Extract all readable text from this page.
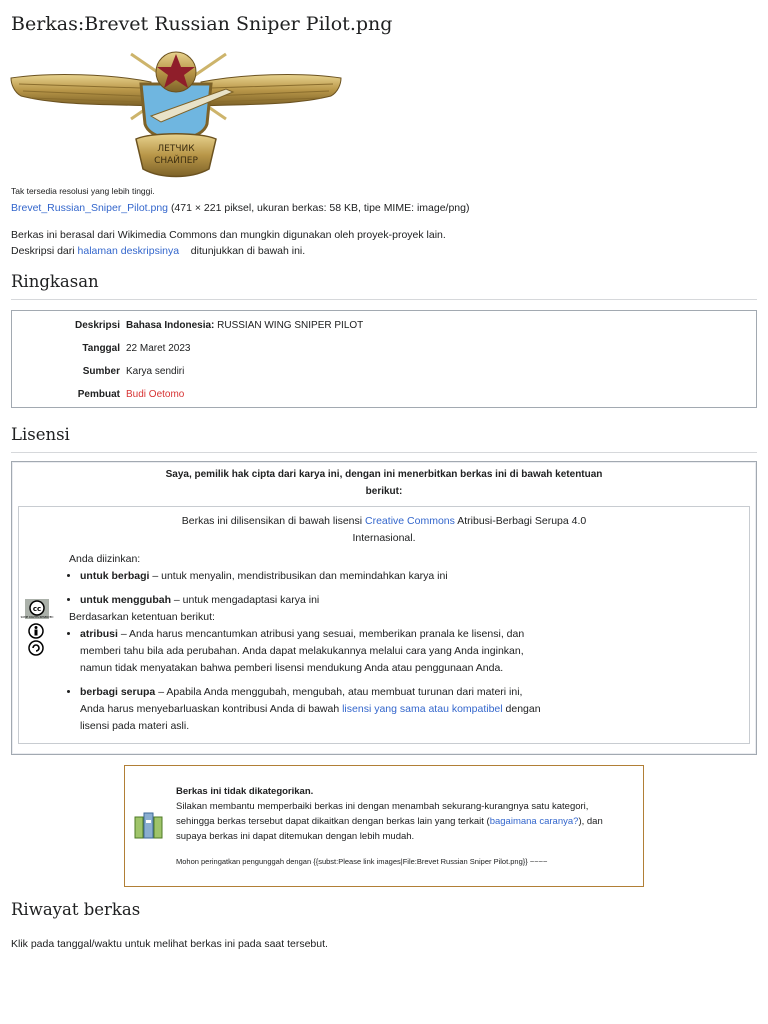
Berkas:Brevet Russian Sniper Pilot.png
ЛЕТЧИК
СНАЙПЕР
Tak tersedia resolusi yang lebih tinggi.
Brevet_Russian_Sniper_Pilot.png (471 × 221 piksel, ukuran berkas: 58 KB, tipe MIME: image/png)
Berkas ini berasal dari Wikimedia Commons dan mungkin digunakan oleh proyek-proyek lain.
Deskripsi dari halaman deskripsinya ditunjukkan di bawah ini.
Ringkasan
Deskripsi	Bahasa Indonesia: RUSSIAN WING SNIPER PILOT
Tanggal	22 Maret 2023
Sumber	Karya sendiri
Pembuat	Budi Oetomo
Lisensi
Saya, pemilik hak cipta dari karya ini, dengan ini menerbitkan berkas ini di bawah ketentuan berikut:
Berkas ini dilisensikan di bawah lisensi Creative Commons Atribusi-Berbagi Serupa 4.0 Internasional.
cc
SOME RIGHTS RESERVED
Anda diizinkan:
• untuk berbagi – untuk menyalin, mendistribusikan dan memindahkan karya ini
• untuk menggubah – untuk mengadaptasi karya ini
Berdasarkan ketentuan berikut:
• atribusi – Anda harus mencantumkan atribusi yang sesuai, memberikan pranala ke lisensi, dan memberi tahu bila ada perubahan. Anda dapat melakukannya melalui cara yang Anda inginkan, namun tidak menyatakan bahwa pemberi lisensi mendukung Anda atau penggunaan Anda.
• berbagi serupa – Apabila Anda menggubah, mengubah, atau membuat turunan dari materi ini, Anda harus menyebarluaskan kontribusi Anda di bawah lisensi yang sama atau kompatibel dengan lisensi pada materi asli.
Berkas ini tidak dikategorikan.
Silakan membantu memperbaiki berkas ini dengan menambah sekurang-kurangnya satu kategori, sehingga berkas tersebut dapat dikaitkan dengan berkas lain yang terkait (bagaimana caranya?), dan supaya berkas ini dapat ditemukan dengan lebih mudah.
Mohon peringatkan pengunggah dengan {{subst:Please link images|File:Brevet Russian Sniper Pilot.png}} ~~~~
Riwayat berkas
Klik pada tanggal/waktu untuk melihat berkas ini pada saat tersebut.
